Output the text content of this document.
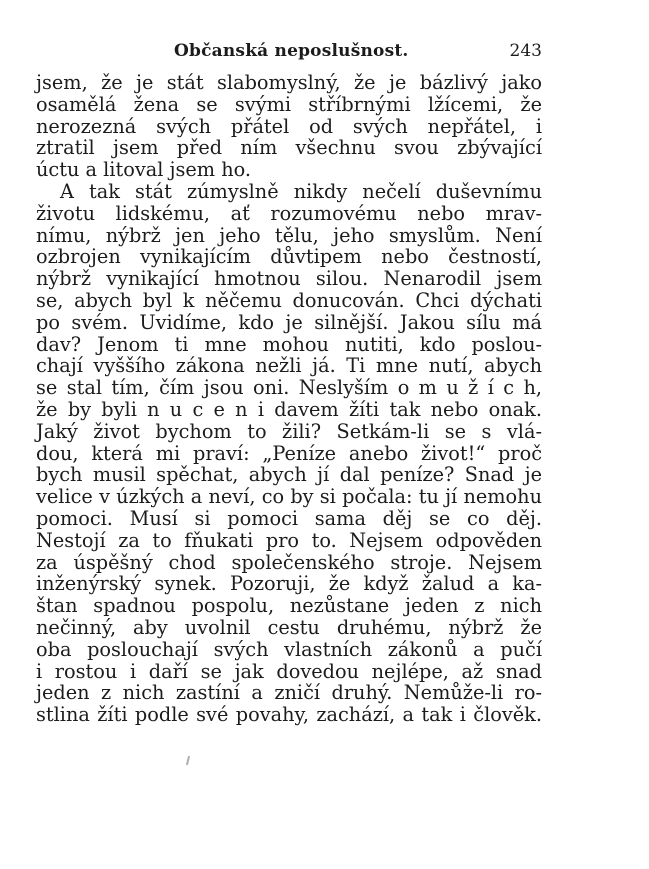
Občanská neposlušnost.	243
jsem, že je stát slabomyslný, že je bázlivý jako
osamělá žena se svými stříbrnými lžícemi, že
nerozezná svých přátel od svých nepřátel, i
ztratil jsem před ním všechnu svou zbývající
úctu a litoval jsem ho.
A tak stát zúmyslně nikdy nečelí duševnímu
životu lidskému, ať rozumovému nebo mrav-
nímu, nýbrž jen jeho tělu, jeho smyslům. Není
ozbrojen vynikajícím důvtipem nebo čestností,
nýbrž vynikající hmotnou silou. Nenarodil jsem
se, abych byl k něčemu donucován. Chci dýchati
po svém. Uvidíme, kdo je silnější. Jakou sílu má
dav? Jenom ti mne mohou nutiti, kdo poslou-
chají vyššího zákona nežli já. Ti mne nutí, abych
se stal tím, čím jsou oni. Neslyším o m u ž í c h,
že by byli n u c e n i davem žíti tak nebo onak.
Jaký život bychom to žili? Setkám-li se s vlá-
dou, která mi praví: „Peníze anebo život!“ proč
bych musil spěchat, abych jí dal peníze? Snad je
velice v úzkých a neví, co by si počala: tu jí nemohu
pomoci. Musí si pomoci sama děj se co děj.
Nestojí za to fňukati pro to. Nejsem odpověden
za úspěšný chod společenského stroje. Nejsem
inženýrský synek. Pozoruji, že když žalud a ka-
štan spadnou pospolu, nezůstane jeden z nich
nečinný, aby uvolnil cestu druhému, nýbrž že
oba poslouchají svých vlastních zákonů a pučí
i rostou i daří se jak dovedou nejlépe, až snad
jeden z nich zastíní a zničí druhý. Nemůže-li ro-
stlina žíti podle své povahy, zachází, a tak i člověk.
